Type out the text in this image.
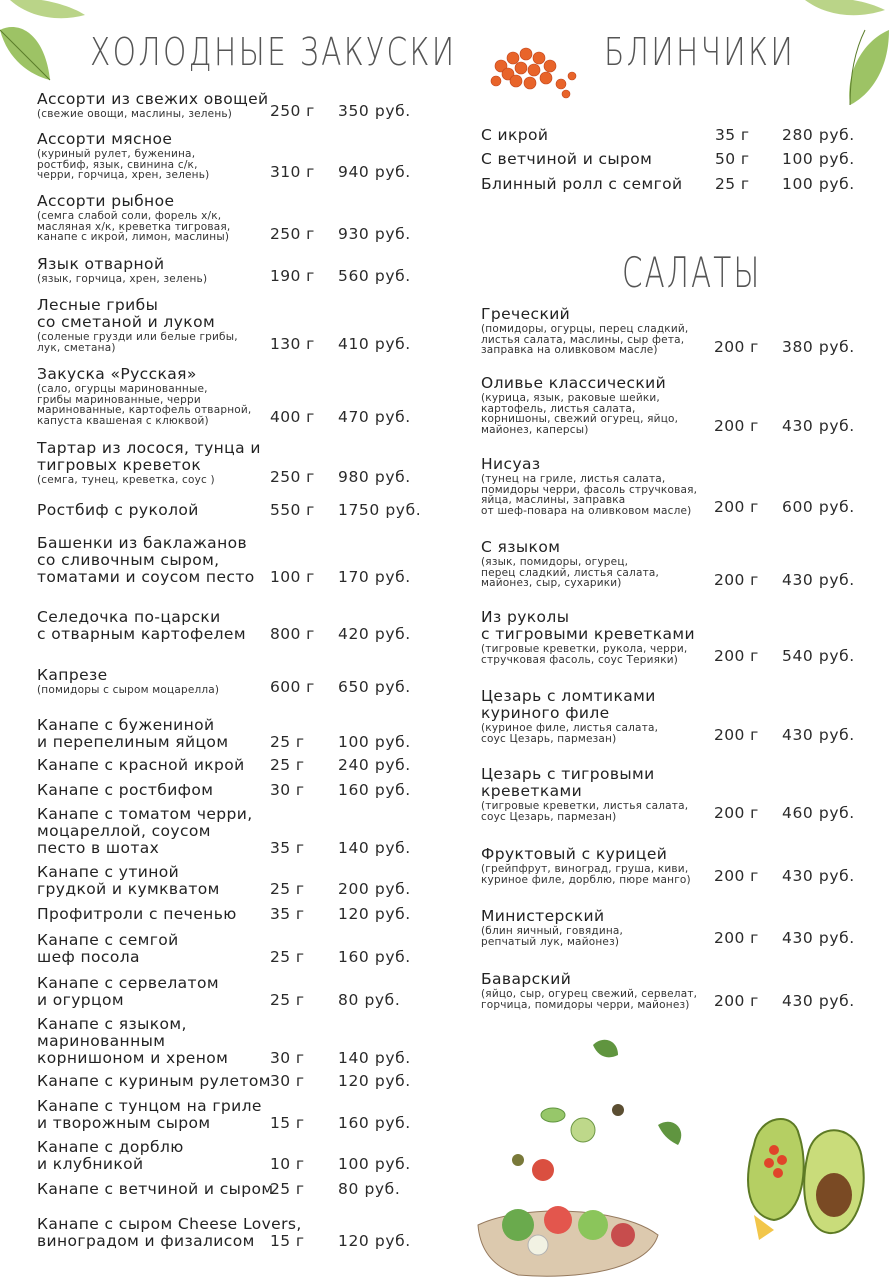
ХОЛОДНЫЕ ЗАКУСКИ
Ассорти из свежих овощей
(свежие овощи, маслины, зелень)	250 г 350 руб.
Ассорти мясное
(куриный рулет, буженина,
ростбиф, язык, свинина с/к,
черри, горчица, хрен, зелень)	310 г 940 руб.
Ассорти рыбное
(семга слабой соли, форель х/к,
масляная х/к, креветка тигровая,
канапе с икрой, лимон, маслины)	250 г 930 руб.
Язык отварной
(язык, горчица, хрен, зелень)	190 г 560 руб.
Лесные грибы
со сметаной и луком
(соленые грузди или белые грибы,
лук, сметана)	130 г 410 руб.
Закуска «Русская»
(сало, огурцы маринованные,
грибы маринованные, черри
маринованные, картофель отварной,
капуста квашеная с клюквой)	400 г 470 руб.
Тартар из лосося, тунца и
тигровых креветок
(семга, тунец, креветка, соус )	250 г 980 руб.
Ростбиф с руколой	550 г 1750 руб.
Башенки из баклажанов
со сливочным сыром,
томатами и соусом песто 100 г 170 руб.
Селедочка по-царски
с отварным картофелем	800 г 420 руб.
Капрезе
(помидоры с сыром моцарелла)	600 г 650 руб.
Канапе с бужениной
и перепелиным яйцом	25 г 100 руб.
Канапе с красной икрой	25 г 240 руб.
Канапе с ростбифом	30 г 160 руб.
Канапе с томатом черри,
моцареллой, соусом
песто в шотах	35 г 140 руб.
Канапе с утиной
грудкой и кумкватом	25 г 200 руб.
Профитроли с печенью	35 г 120 руб.
Канапе с семгой
шеф посола	25 г 160 руб.
Канапе с сервелатом
и огурцом	25 г 80 руб.
Канапе с языком,
маринованным
корнишоном и хреном	30 г 140 руб.
Канапе с куриным рулетом 30 г 120 руб.
Канапе с тунцом на гриле
и творожным сыром	15 г 160 руб.
Канапе с дорблю
и клубникой	10 г 100 руб.
Канапе с ветчиной и сыром
25 г 80 руб.
Канапе с сыром Cheese Lovers,
виноградом и физалисом 15 г 120 руб.
БЛИНЧИКИ
С икрой	35 г 280 руб.
С ветчиной и сыром	50 г 100 руб.
Блинный ролл с семгой	25 г 100 руб.
САЛАТЫ
Греческий
(помидоры, огурцы, перец сладкий,
листья салата, маслины, сыр фета,
заправка на оливковом масле)	200 г 380 руб.
Оливье классический
(курица, язык, раковые шейки,
картофель, листья салата,
корнишоны, свежий огурец, яйцо,
майонез, каперсы)	200 г 430 руб.
Нисуаз
(тунец на гриле, листья салата,
помидоры черри, фасоль стручковая,
яйца, маслины, заправка
от шеф-повара на оливковом масле)	200 г 600 руб.
С языком
(язык, помидоры, огурец,
перец сладкий, листья салата,
майонез, сыр, сухарики)	200 г 430 руб.
Из руколы
с тигровыми креветками
(тигровые креветки, рукола, черри,
стручковая фасоль, соус Терияки)	200 г 540 руб.
Цезарь с ломтиками
куриного филе
(куриное филе, листья салата,
соус Цезарь, пармезан)	200 г 430 руб.
Цезарь с тигровыми
креветками
(тигровые креветки, листья салата,
соус Цезарь, пармезан)	200 г 460 руб.
Фруктовый с курицей
(грейпфрут, виноград, груша, киви,
куриное филе, дорблю, пюре манго)	200 г 430 руб.
Министерский
(блин яичный, говядина,
репчатый лук, майонез)	200 г 430 руб.
Баварский
(яйцо, сыр, огурец свежий, сервелат,
горчица, помидоры черри, майонез)	200 г 430 руб.
